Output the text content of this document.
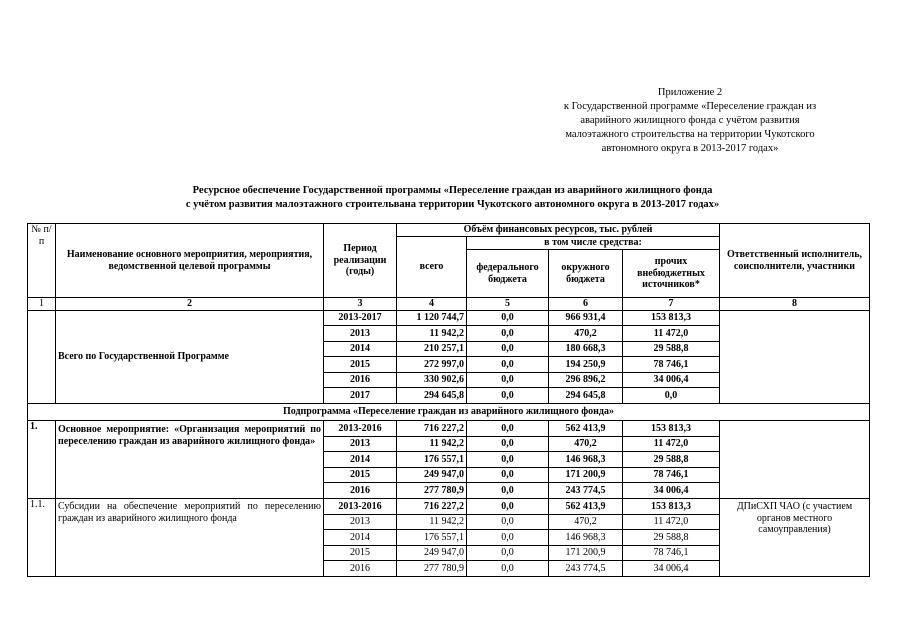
Приложение 2
к Государственной программе «Переселение граждан из
аварийного жилищного фонда с учётом развития
малоэтажного строительства на территории Чукотского
автономного округа в 2013-2017 годах»
Ресурсное обеспечение Государственной программы «Переселение граждан из аварийного жилищного фонда
с учётом развития малоэтажного строительвана территории Чукотского автономного округа в 2013-2017 годах»
№ п/п	Наименование основного мероприятия, мероприятия, ведомственной целевой программы	Период реализации (годы)	Объём финансовых ресурсов, тыс. рублей				Ответственный исполнитель, соисполнители, участники
			всего	в том числе средства:			
				федерального бюджета	окружного бюджета	прочих внебюджетных источников*	
1	2	3	4	5	6	7	8
	Всего по Государственной Программе	2013-2017	1 120 744,7	0,0	966 931,4	153 813,3	
		2013	11 942,2	0,0	470,2	11 472,0	
		2014	210 257,1	0,0	180 668,3	29 588,8	
		2015	272 997,0	0,0	194 250,9	78 746,1	
		2016	330 902,6	0,0	296 896,2	34 006,4	
		2017	294 645,8	0,0	294 645,8	0,0	
Подпрограмма «Переселение граждан из аварийного жилищного фонда»							
1.	Основное мероприятие: «Организация мероприятий по переселению граждан из аварийного жилищного фонда»	2013-2016	716 227,2	0,0	562 413,9	153 813,3	
		2013	11 942,2	0,0	470,2	11 472,0	
		2014	176 557,1	0,0	146 968,3	29 588,8	
		2015	249 947,0	0,0	171 200,9	78 746,1	
		2016	277 780,9	0,0	243 774,5	34 006,4	
1.1.	Субсидии на обеспечение мероприятий по переселению граждан из аварийного жилищного фонда	2013-2016	716 227,2	0,0	562 413,9	153 813,3	ДПиСХП ЧАО (с участием органов местного самоуправления)
		2013	11 942,2	0,0	470,2	11 472,0	
		2014	176 557,1	0,0	146 968,3	29 588,8	
		2015	249 947,0	0,0	171 200,9	78 746,1	
		2016	277 780,9	0,0	243 774,5	34 006,4	
